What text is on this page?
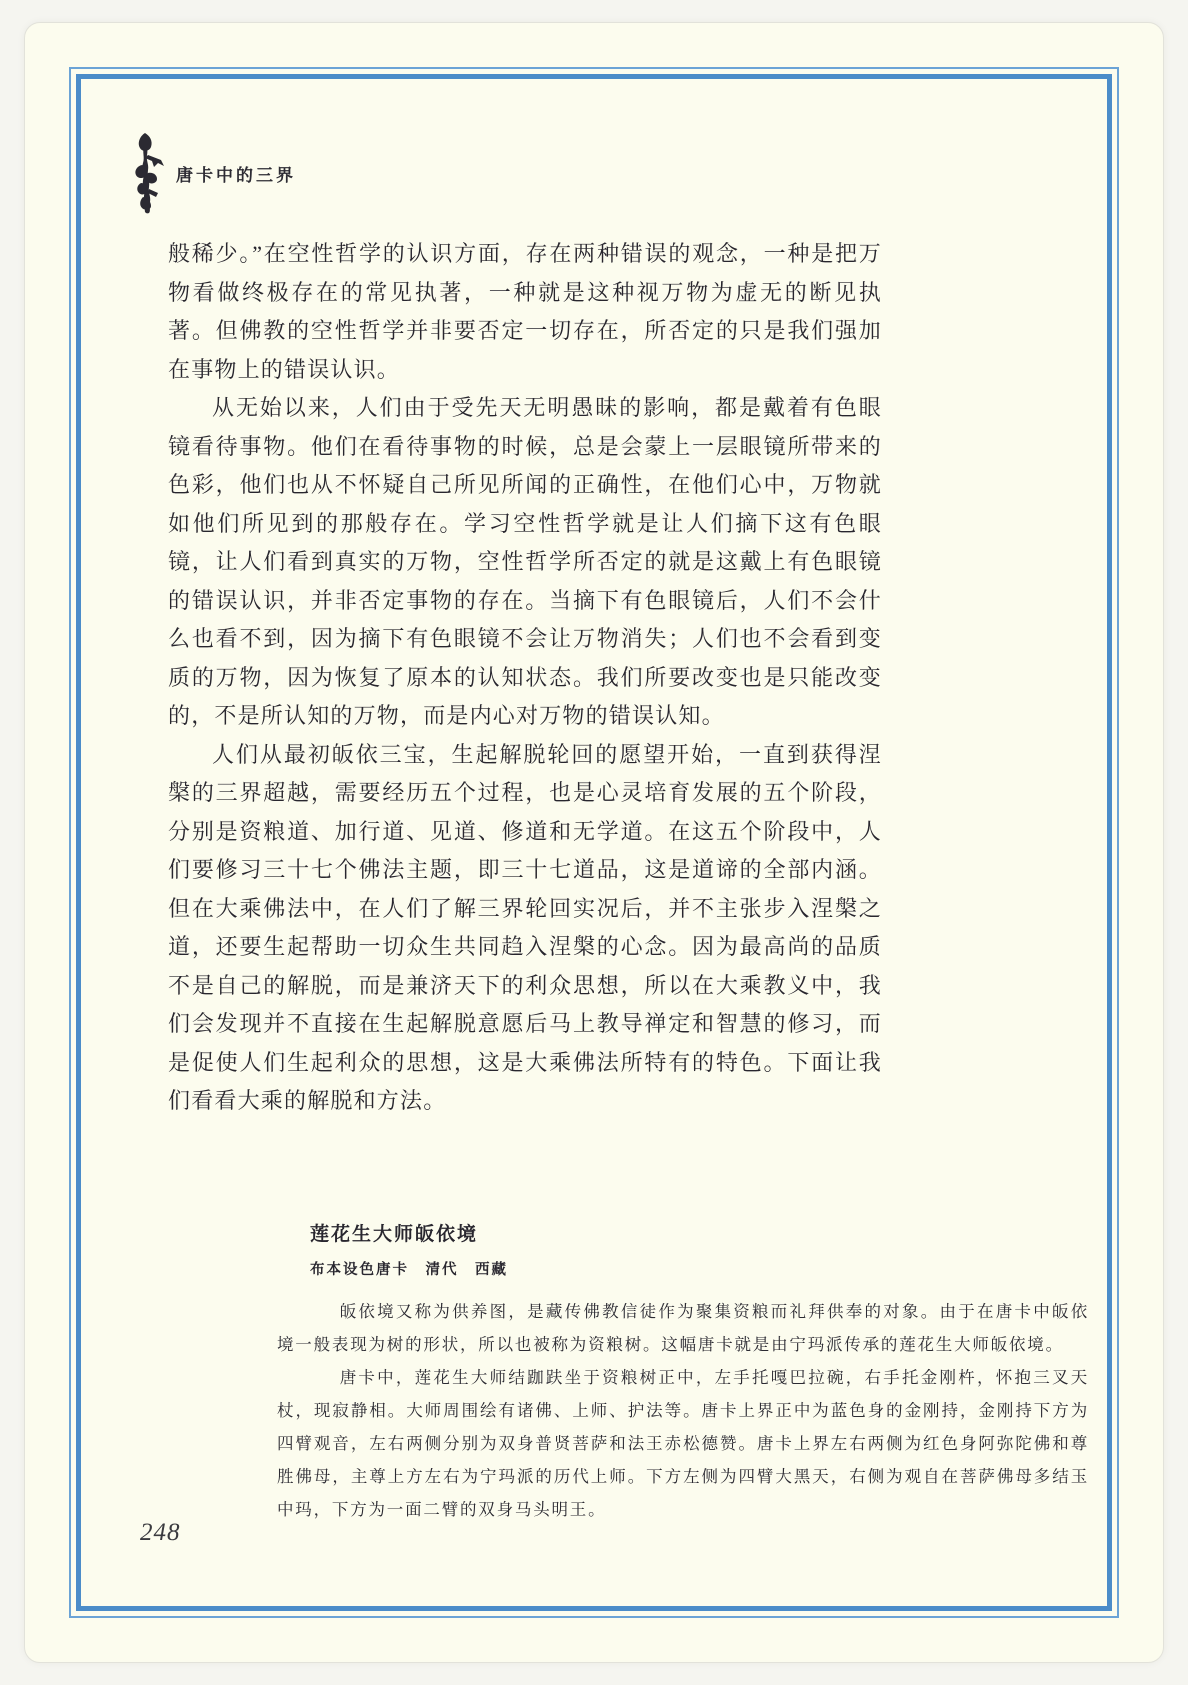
唐卡中的三界

般稀少。”在空性哲学的认识方面，存在两种错误的观念，一种是把万物看做终极存在的常见执著，一种就是这种视万物为虚无的断见执著。但佛教的空性哲学并非要否定一切存在，所否定的只是我们强加在事物上的错误认识。

从无始以来，人们由于受先天无明愚昧的影响，都是戴着有色眼镜看待事物。他们在看待事物的时候，总是会蒙上一层眼镜所带来的色彩，他们也从不怀疑自己所见所闻的正确性，在他们心中，万物就如他们所见到的那般存在。学习空性哲学就是让人们摘下这有色眼镜，让人们看到真实的万物，空性哲学所否定的就是这戴上有色眼镜的错误认识，并非否定事物的存在。当摘下有色眼镜后，人们不会什么也看不到，因为摘下有色眼镜不会让万物消失；人们也不会看到变质的万物，因为恢复了原本的认知状态。我们所要改变也是只能改变的，不是所认知的万物，而是内心对万物的错误认知。

人们从最初皈依三宝，生起解脱轮回的愿望开始，一直到获得涅槃的三界超越，需要经历五个过程，也是心灵培育发展的五个阶段，分别是资粮道、加行道、见道、修道和无学道。在这五个阶段中，人们要修习三十七个佛法主题，即三十七道品，这是道谛的全部内涵。但在大乘佛法中，在人们了解三界轮回实况后，并不主张步入涅槃之道，还要生起帮助一切众生共同趋入涅槃的心念。因为最高尚的品质不是自己的解脱，而是兼济天下的利众思想，所以在大乘教义中，我们会发现并不直接在生起解脱意愿后马上教导禅定和智慧的修习，而是促使人们生起利众的思想，这是大乘佛法所特有的特色。下面让我们看看大乘的解脱和方法。

莲花生大师皈依境
布本设色唐卡　清代　西藏

皈依境又称为供养图，是藏传佛教信徒作为聚集资粮而礼拜供奉的对象。由于在唐卡中皈依境一般表现为树的形状，所以也被称为资粮树。这幅唐卡就是由宁玛派传承的莲花生大师皈依境。

唐卡中，莲花生大师结跏趺坐于资粮树正中，左手托嘎巴拉碗，右手托金刚杵，怀抱三叉天杖，现寂静相。大师周围绘有诸佛、上师、护法等。唐卡上界正中为蓝色身的金刚持，金刚持下方为四臂观音，左右两侧分别为双身普贤菩萨和法王赤松德赞。唐卡上界左右两侧为红色身阿弥陀佛和尊胜佛母，主尊上方左右为宁玛派的历代上师。下方左侧为四臂大黑天，右侧为观自在菩萨佛母多结玉中玛，下方为一面二臂的双身马头明王。

248
